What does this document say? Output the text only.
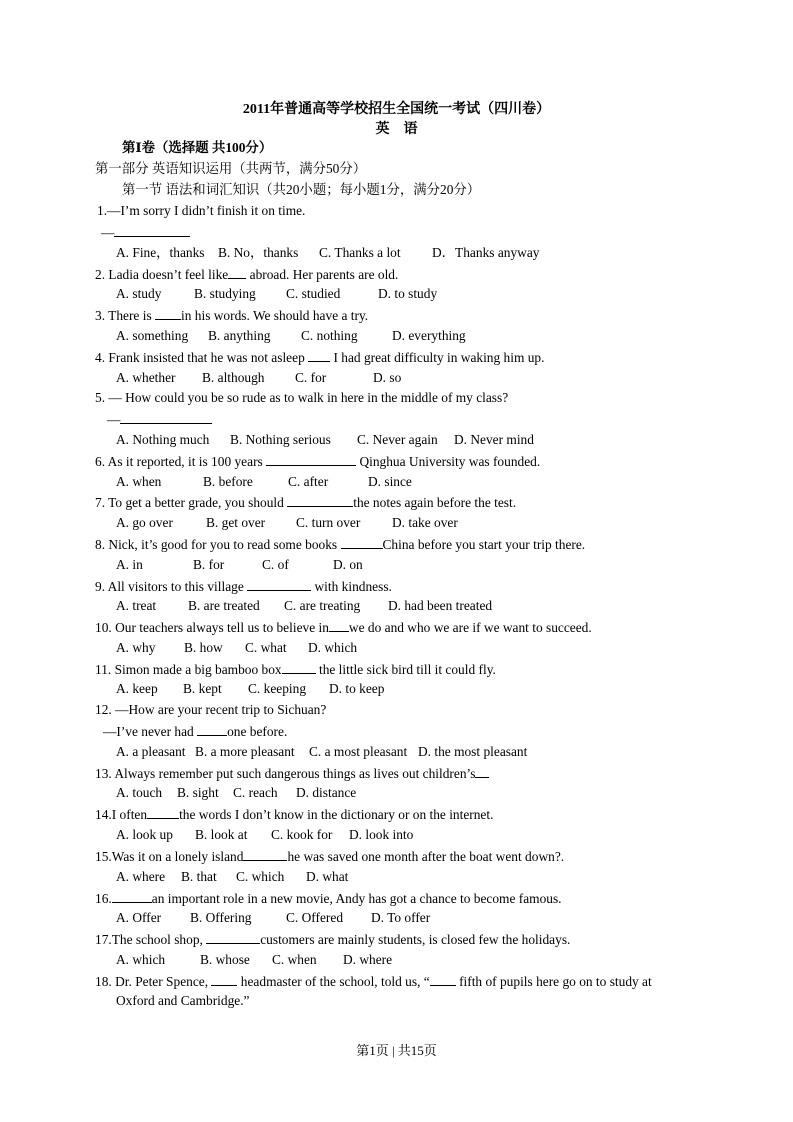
2011年普通高等学校招生全国统一考试（四川卷）
英　语
第Ⅰ卷（选择题 共100分）
第一部分 英语知识运用（共两节，满分50分）
第一节 语法和词汇知识（共20小题；每小题1分，满分20分）
1.—I’m sorry I didn’t finish it on time.
—
A. Fine，thanks B. No，thanks C. Thanks a lot D．Thanks anyway
2. Ladia doesn’t feel like abroad. Her parents are old.
A. study B. studying C. studied	D. to study
3. There is in his words. We should have a try.
A. something B. anything C. nothing	D. everything
4. Frank insisted that he was not asleep I had great difficulty in waking him up.
A. whether B. although C. for	D. so
5. — How could you be so rude as to walk in here in the middle of my class?
—
A. Nothing much B. Nothing serious C. Never again D. Never mind
6. As it reported, it is 100 years	Qinghua University was founded.
A. when	B. before	C. after	D. since
7. To get a better grade, you should	the notes again before the test.
A. go over B. get over C. turn over D. take over
8. Nick, it’s good for you to read some books	China before you start your trip there.
A. in	B. for	C. of	D. on
9. All visitors to this village	with kindness.
A. treat B. are treated C. are treating D. had been treated
10. Our teachers always tell us to believe in we do and who we are if we want to succeed.
A. why B. how C. what D. which
11. Simon made a big bamboo box	the little sick bird till it could fly.
A. keep B. kept C. keeping D. to keep
12. —How are your recent trip to Sichuan?
—I’ve never had one before.
A. a pleasant B. a more pleasant C. a most pleasant D. the most pleasant
13. Always remember put such dangerous things as lives out children’s
A. touch B. sight C. reach D. distance
14.I often the words I don’t know in the dictionary or on the internet.
A. look up B. look at C. kook for D. look into
15.Was it on a lonely island	he was saved one month after the boat went down?.
A. where B. that C. which D. what
16.	an important role in a new movie, Andy has got a chance to become famous.
A. Offer B. Offering	C. Offered D. To offer
17.The school shop,	customers are mainly students, is closed few the holidays.
A. which	B. whose C. when D. where
18. Dr. Peter Spence, headmaster of the school, told us, “ fifth of pupils here go on to study at
Oxford and Cambridge.”
第1页 | 共15页
